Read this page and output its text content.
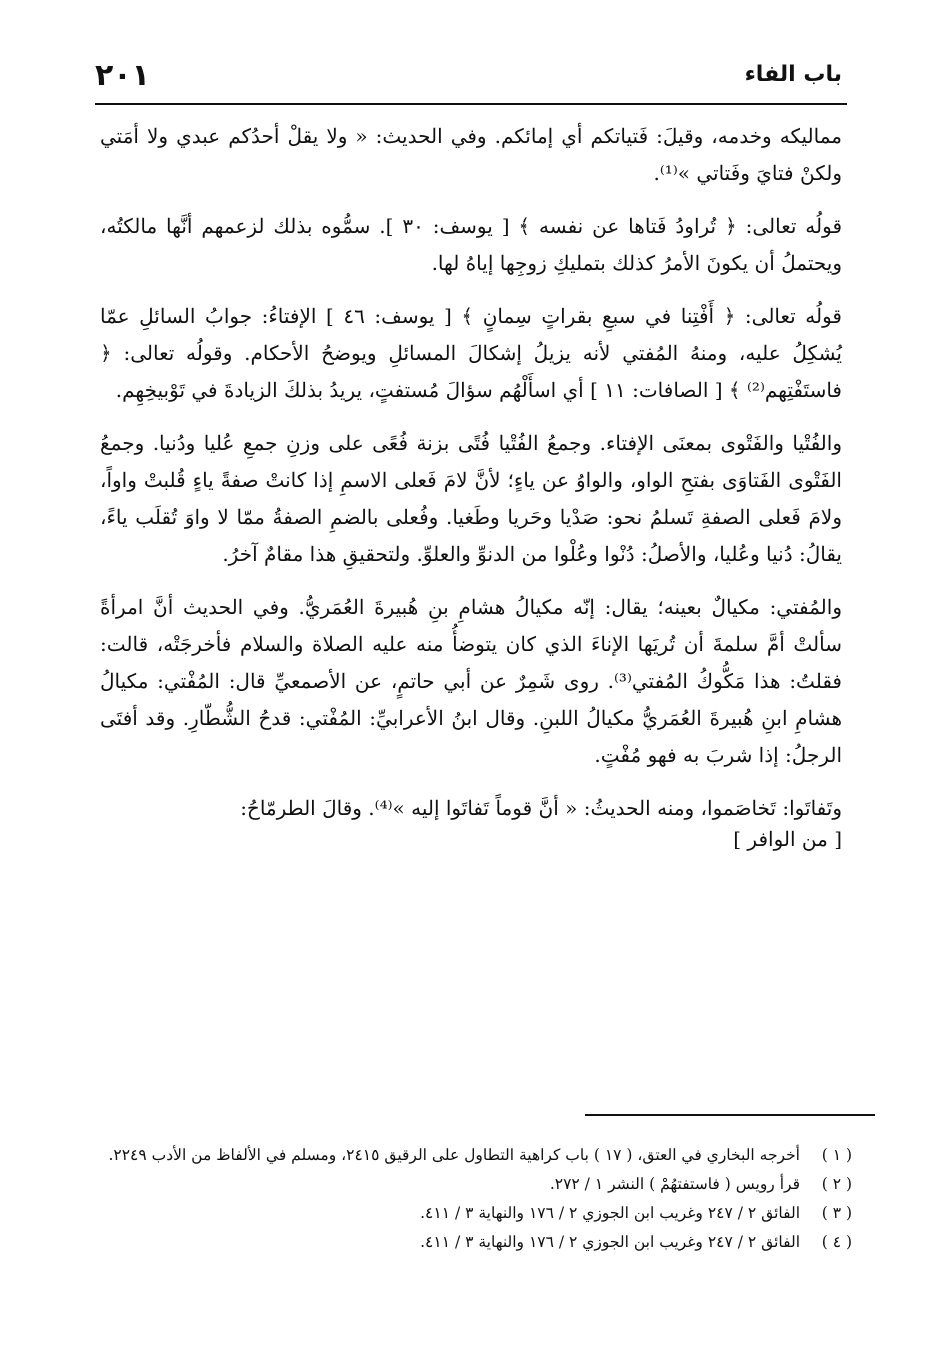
باب الفاء
٢٠١

مماليكه وخدمه، وقيلَ: فَتياتكم أي إمائكم. وفي الحديث: « ولا يقلْ أحدُكم عبدي ولا أمَتي ولكنْ فتايَ وفَتاتي »⁽¹⁾.

قولُه تعالى: ﴿ تُراودُ فَتاها عن نفسه ﴾ [ يوسف: ٣٠ ]. سمُّوه بذلك لزعمهم أنَّها مالكتُه، ويحتملُ أن يكونَ الأمرُ كذلك بتمليكِ زوجِها إياهُ لها.

قولُه تعالى: ﴿ أَفْتِنا في سبعِ بقراتٍ سِمانٍ ﴾ [ يوسف: ٤٦ ] الإفتاءُ: جوابُ السائلِ عمّا يُشكِلُ عليه، ومنهُ المُفتي لأنه يزيلُ إشكالَ المسائلِ ويوضحُ الأحكام. وقولُه تعالى: ﴿ فاستَفْتِهم⁽²⁾ ﴾ [ الصافات: ١١ ] أي اسأَلْهُم سؤالَ مُستفتٍ، يريدُ بذلكَ الزيادةَ في تَوْبيخِهِم.

والفُتْيا والفَتْوى بمعنَى الإفتاء. وجمعُ الفُتْيا فُتًى بزنة فُعًى على وزنِ جمعِ عُليا ودُنيا. وجمعُ الفَتْوى الفَتاوَى بفتحِ الواو، والواوُ عن ياءٍ؛ لأنَّ لامَ فَعلى الاسمِ إذا كانتْ صفةً ياءٍ قُلبتْ واواً، ولامَ فَعلى الصفةِ تَسلمُ نحو: صَدْيا وحَريا وطَغيا. وفُعلى بالضمِ الصفةُ ممّا لا واوَ تُقلَب ياءً، يقالُ: دُنيا وعُليا، والأصلُ: دُنْوا وعُلْوا من الدنوِّ والعلوِّ. ولتحقيقِ هذا مقامٌ آخرُ.

والمُفتي: مكيالٌ بعينه؛ يقال: إنّه مكيالُ هشامِ بنِ هُبيرةَ العُمَريُّ. وفي الحديث أنَّ امرأةً سألتْ أمَّ سلمةَ أن تُريَها الإناءَ الذي كان يتوضأُ منه عليه الصلاة والسلام فأخرجَتْه، قالت: فقلتُ: هذا مَكُّوكُ المُفتي⁽³⁾. روى شَمِرٌ عن أبي حاتمٍ، عن الأصمعيِّ قال: المُفْتي: مكيالُ هشامِ ابنِ هُبيرةَ العُمَريُّ مكيالُ اللبنِ. وقال ابنُ الأعرابيِّ: المُفْتي: قدحُ الشُّطّارِ. وقد أفتَى الرجلُ: إذا شربَ به فهو مُفْتٍ.

وتَفاتَوا: تَخاصَموا، ومنه الحديثُ: « أنَّ قوماً تَفاتَوا إليه »⁽⁴⁾. وقالَ الطرمّاحُ:

[ من الوافر ]
( ١ )
أخرجه البخاري في العتق، ( ١٧ ) باب كراهية التطاول على الرقيق ٢٤١٥، ومسلم في الألفاظ من الأدب ٢٢٤٩.
( ٢ )
قرأ رويس ( فاستفتهُمْ ) النشر ١ / ٢٧٢.
( ٣ )
الفائق ٢ / ٢٤٧ وغريب ابن الجوزي ٢ / ١٧٦ والنهاية ٣ / ٤١١.
( ٤ )
الفائق ٢ / ٢٤٧ وغريب ابن الجوزي ٢ / ١٧٦ والنهاية ٣ / ٤١١.
